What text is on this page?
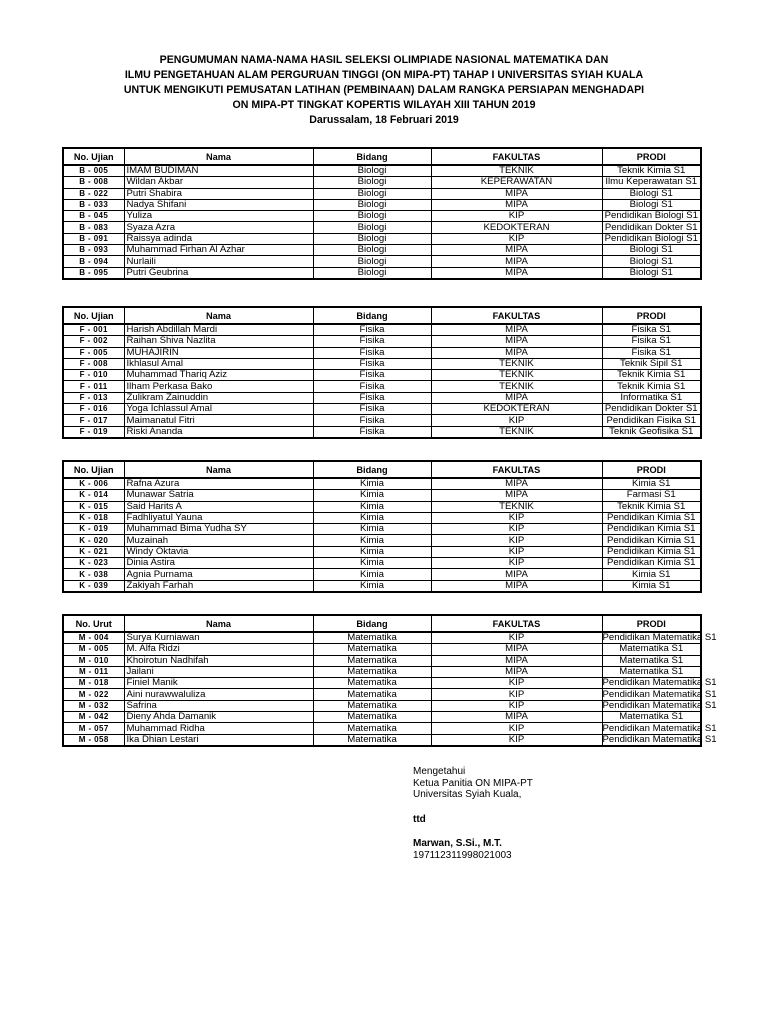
PENGUMUMAN NAMA-NAMA HASIL SELEKSI OLIMPIADE NASIONAL MATEMATIKA DAN
ILMU PENGETAHUAN ALAM PERGURUAN TINGGI (ON MIPA-PT) TAHAP I UNIVERSITAS SYIAH KUALA
UNTUK MENGIKUTI PEMUSATAN LATIHAN (PEMBINAAN) DALAM RANGKA PERSIAPAN MENGHADAPI
ON MIPA-PT TINGKAT KOPERTIS WILAYAH XIII TAHUN 2019
Darussalam, 18 Februari 2019
No. Ujian	Nama	Bidang	FAKULTAS	PRODI
B - 005	IMAM BUDIMAN	Biologi	TEKNIK	Teknik Kimia S1
B - 008	Wildan Akbar	Biologi	KEPERAWATAN	Ilmu Keperawatan S1
B - 022	Putri Shabira	Biologi	MIPA	Biologi S1
B - 033	Nadya Shifani	Biologi	MIPA	Biologi S1
B - 045	Yuliza	Biologi	KIP	Pendidikan Biologi S1
B - 083	Syaza Azra	Biologi	KEDOKTERAN	Pendidikan Dokter S1
B - 091	Raissya adinda	Biologi	KIP	Pendidikan Biologi S1
B - 093	Muhammad Firhan Al Azhar	Biologi	MIPA	Biologi S1
B - 094	Nurlaili	Biologi	MIPA	Biologi S1
B - 095	Putri Geubrina	Biologi	MIPA	Biologi S1
No. Ujian	Nama	Bidang	FAKULTAS	PRODI
F - 001	Harish Abdillah Mardi	Fisika	MIPA	Fisika S1
F - 002	Raihan Shiva Nazlita	Fisika	MIPA	Fisika S1
F - 005	MUHAJIRIN	Fisika	MIPA	Fisika S1
F - 008	Ikhlasul Amal	Fisika	TEKNIK	Teknik Sipil S1
F - 010	Muhammad Thariq Aziz	Fisika	TEKNIK	Teknik Kimia S1
F - 011	Ilham Perkasa Bako	Fisika	TEKNIK	Teknik Kimia S1
F - 013	Zulikram Zainuddin	Fisika	MIPA	Informatika S1
F - 016	Yoga Ichlassul Amal	Fisika	KEDOKTERAN	Pendidikan Dokter S1
F - 017	Maimanatul Fitri	Fisika	KIP	Pendidikan Fisika S1
F - 019	Riski Ananda	Fisika	TEKNIK	Teknik Geofisika S1
No. Ujian	Nama	Bidang	FAKULTAS	PRODI
K - 006	Rafna Azura	Kimia	MIPA	Kimia S1
K - 014	Munawar Satria	Kimia	MIPA	Farmasi S1
K - 015	Said Harits A	Kimia	TEKNIK	Teknik Kimia S1
K - 018	Fadhliyatul Yauna	Kimia	KIP	Pendidikan Kimia S1
K - 019	Muhammad Bima Yudha SY	Kimia	KIP	Pendidikan Kimia S1
K - 020	Muzainah	Kimia	KIP	Pendidikan Kimia S1
K - 021	Windy Oktavia	Kimia	KIP	Pendidikan Kimia S1
K - 023	Dinia Astira	Kimia	KIP	Pendidikan Kimia S1
K - 038	Agnia Purnama	Kimia	MIPA	Kimia S1
K - 039	Zakiyah Farhah	Kimia	MIPA	Kimia S1
No. Urut	Nama	Bidang	FAKULTAS	PRODI
M - 004	Surya Kurniawan	Matematika	KIP	Pendidikan Matematika S1
M - 005	M. Alfa Ridzi	Matematika	MIPA	Matematika S1
M - 010	Khoirotun Nadhifah	Matematika	MIPA	Matematika S1
M - 011	Jailani	Matematika	MIPA	Matematika S1
M - 018	Finiel Manik	Matematika	KIP	Pendidikan Matematika S1
M - 022	Aini nurawwaluliza	Matematika	KIP	Pendidikan Matematika S1
M - 032	Safrina	Matematika	KIP	Pendidikan Matematika S1
M - 042	Dieny Ahda Damanik	Matematika	MIPA	Matematika S1
M - 057	Muhammad Ridha	Matematika	KIP	Pendidikan Matematika S1
M - 058	Ika Dhian Lestari	Matematika	KIP	Pendidikan Matematika S1
Mengetahui
Ketua Panitia ON MIPA-PT
Universitas Syiah Kuala,
ttd
Marwan, S.Si., M.T.
197112311998021003
